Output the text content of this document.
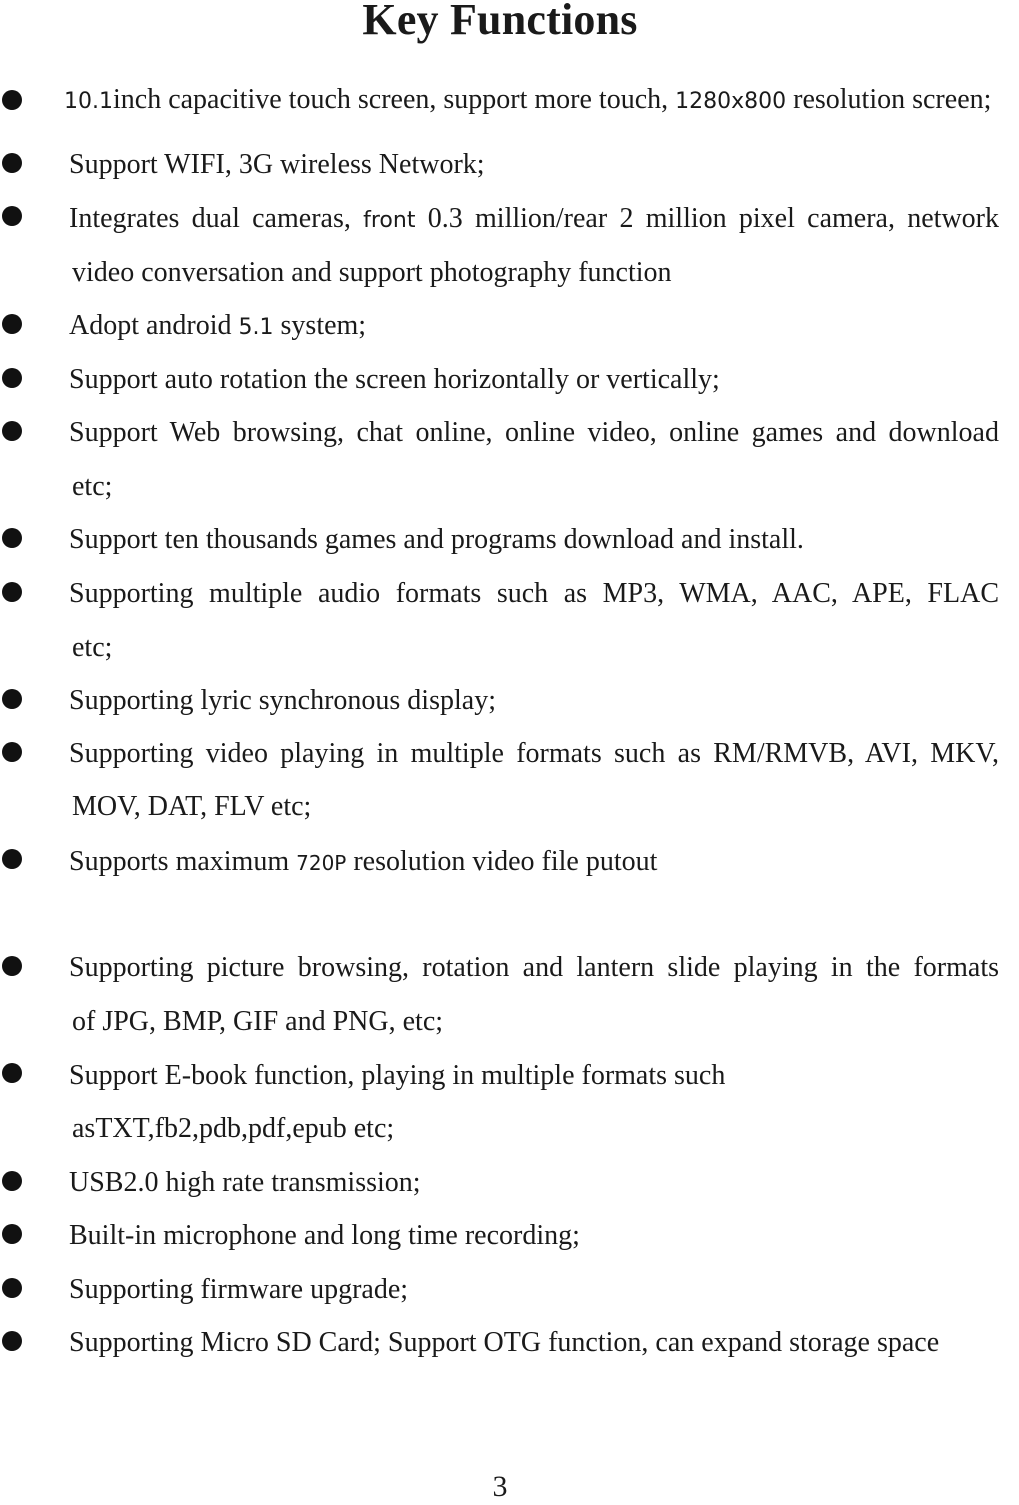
Key Functions

10.1inch capacitive touch screen, support more touch, 1280x800 resolution screen;

Support WIFI, 3G wireless Network;

Integrates dual cameras, front 0.3 million/rear 2 million pixel camera, network

video conversation and support photography function

Adopt android 5.1 system;

Support auto rotation the screen horizontally or vertically;

Support Web browsing, chat online, online video, online games and download

etc;

Support ten thousands games and programs download and install.

Supporting multiple audio formats such as MP3, WMA, AAC, APE, FLAC

etc;

Supporting lyric synchronous display;

Supporting video playing in multiple formats such as RM/RMVB, AVI, MKV,

MOV, DAT, FLV etc;

Supports maximum 720P resolution video file putout

Supporting picture browsing, rotation and lantern slide playing in the formats

of JPG, BMP, GIF and PNG, etc;

Support E-book function, playing in multiple formats such

asTXT,fb2,pdb,pdf,epub etc;

USB2.0 high rate transmission;

Built-in microphone and long time recording;

Supporting firmware upgrade;

Supporting Micro SD Card; Support OTG function, can expand storage space

3
